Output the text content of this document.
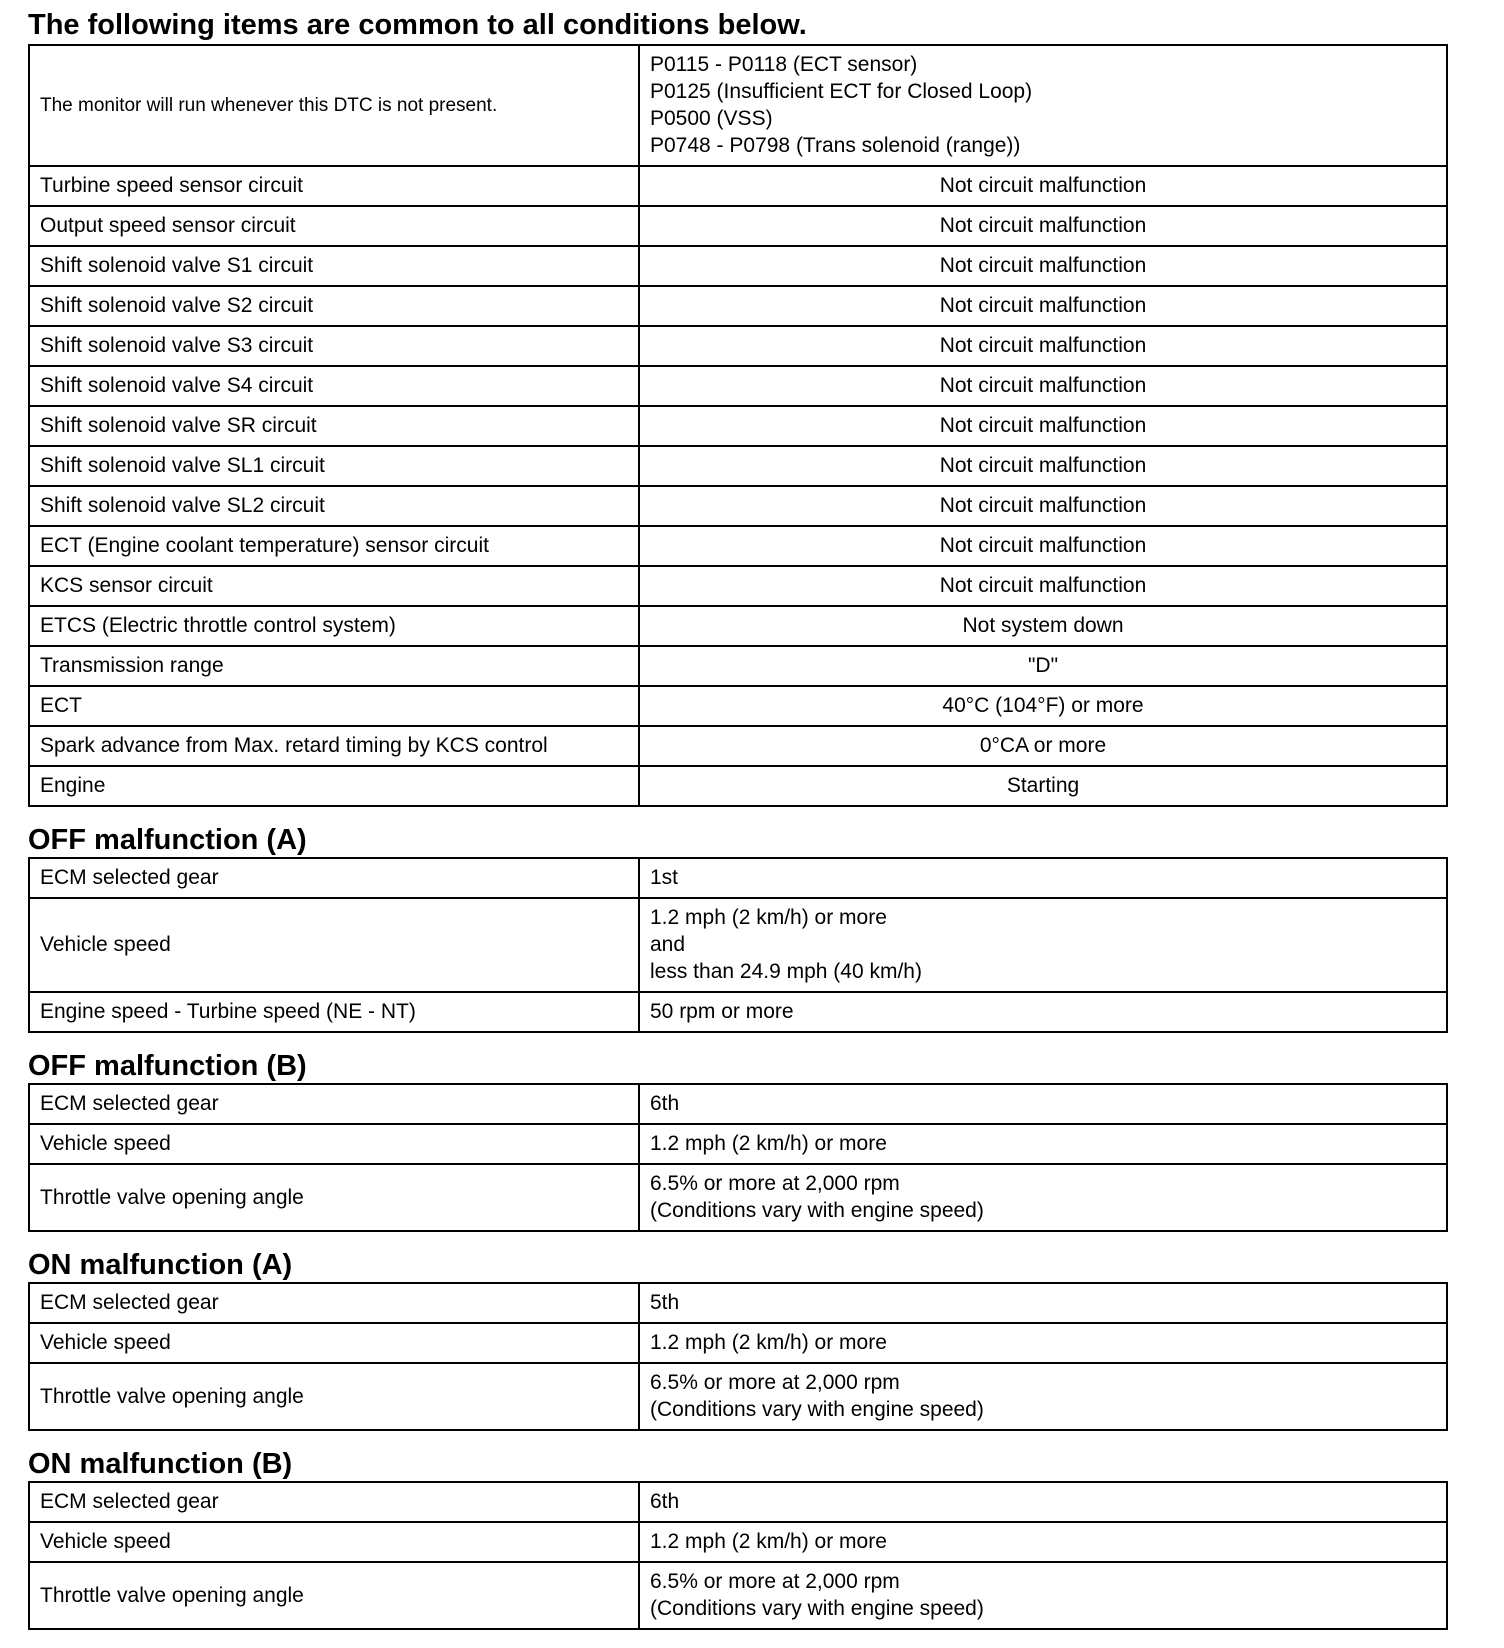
The following items are common to all conditions below.
The monitor will run whenever this DTC is not present.	P0115 - P0118 (ECT sensor)
P0125 (Insufficient ECT for Closed Loop)
P0500 (VSS)
P0748 - P0798 (Trans solenoid (range))

Turbine speed sensor circuit	Not circuit malfunction
Output speed sensor circuit	Not circuit malfunction
Shift solenoid valve S1 circuit	Not circuit malfunction
Shift solenoid valve S2 circuit	Not circuit malfunction
Shift solenoid valve S3 circuit	Not circuit malfunction
Shift solenoid valve S4 circuit	Not circuit malfunction
Shift solenoid valve SR circuit	Not circuit malfunction
Shift solenoid valve SL1 circuit	Not circuit malfunction
Shift solenoid valve SL2 circuit	Not circuit malfunction
ECT (Engine coolant temperature) sensor circuit	Not circuit malfunction
KCS sensor circuit	Not circuit malfunction
ETCS (Electric throttle control system)	Not system down
Transmission range	"D"
ECT	40°C (104°F) or more
Spark advance from Max. retard timing by KCS control	0°CA or more
Engine	Starting
OFF malfunction (A)
ECM selected gear	1st

Vehicle speed	1.2 mph (2 km/h) or more
and
less than 24.9 mph (40 km/h)

Engine speed - Turbine speed (NE - NT)	50 rpm or more
OFF malfunction (B)
ECM selected gear	6th

Vehicle speed	1.2 mph (2 km/h) or more

Throttle valve opening angle	6.5% or more at 2,000 rpm
(Conditions vary with engine speed)
ON malfunction (A)
ECM selected gear	5th

Vehicle speed	1.2 mph (2 km/h) or more

Throttle valve opening angle	6.5% or more at 2,000 rpm
(Conditions vary with engine speed)
ON malfunction (B)
ECM selected gear	6th

Vehicle speed	1.2 mph (2 km/h) or more

Throttle valve opening angle	6.5% or more at 2,000 rpm
(Conditions vary with engine speed)
